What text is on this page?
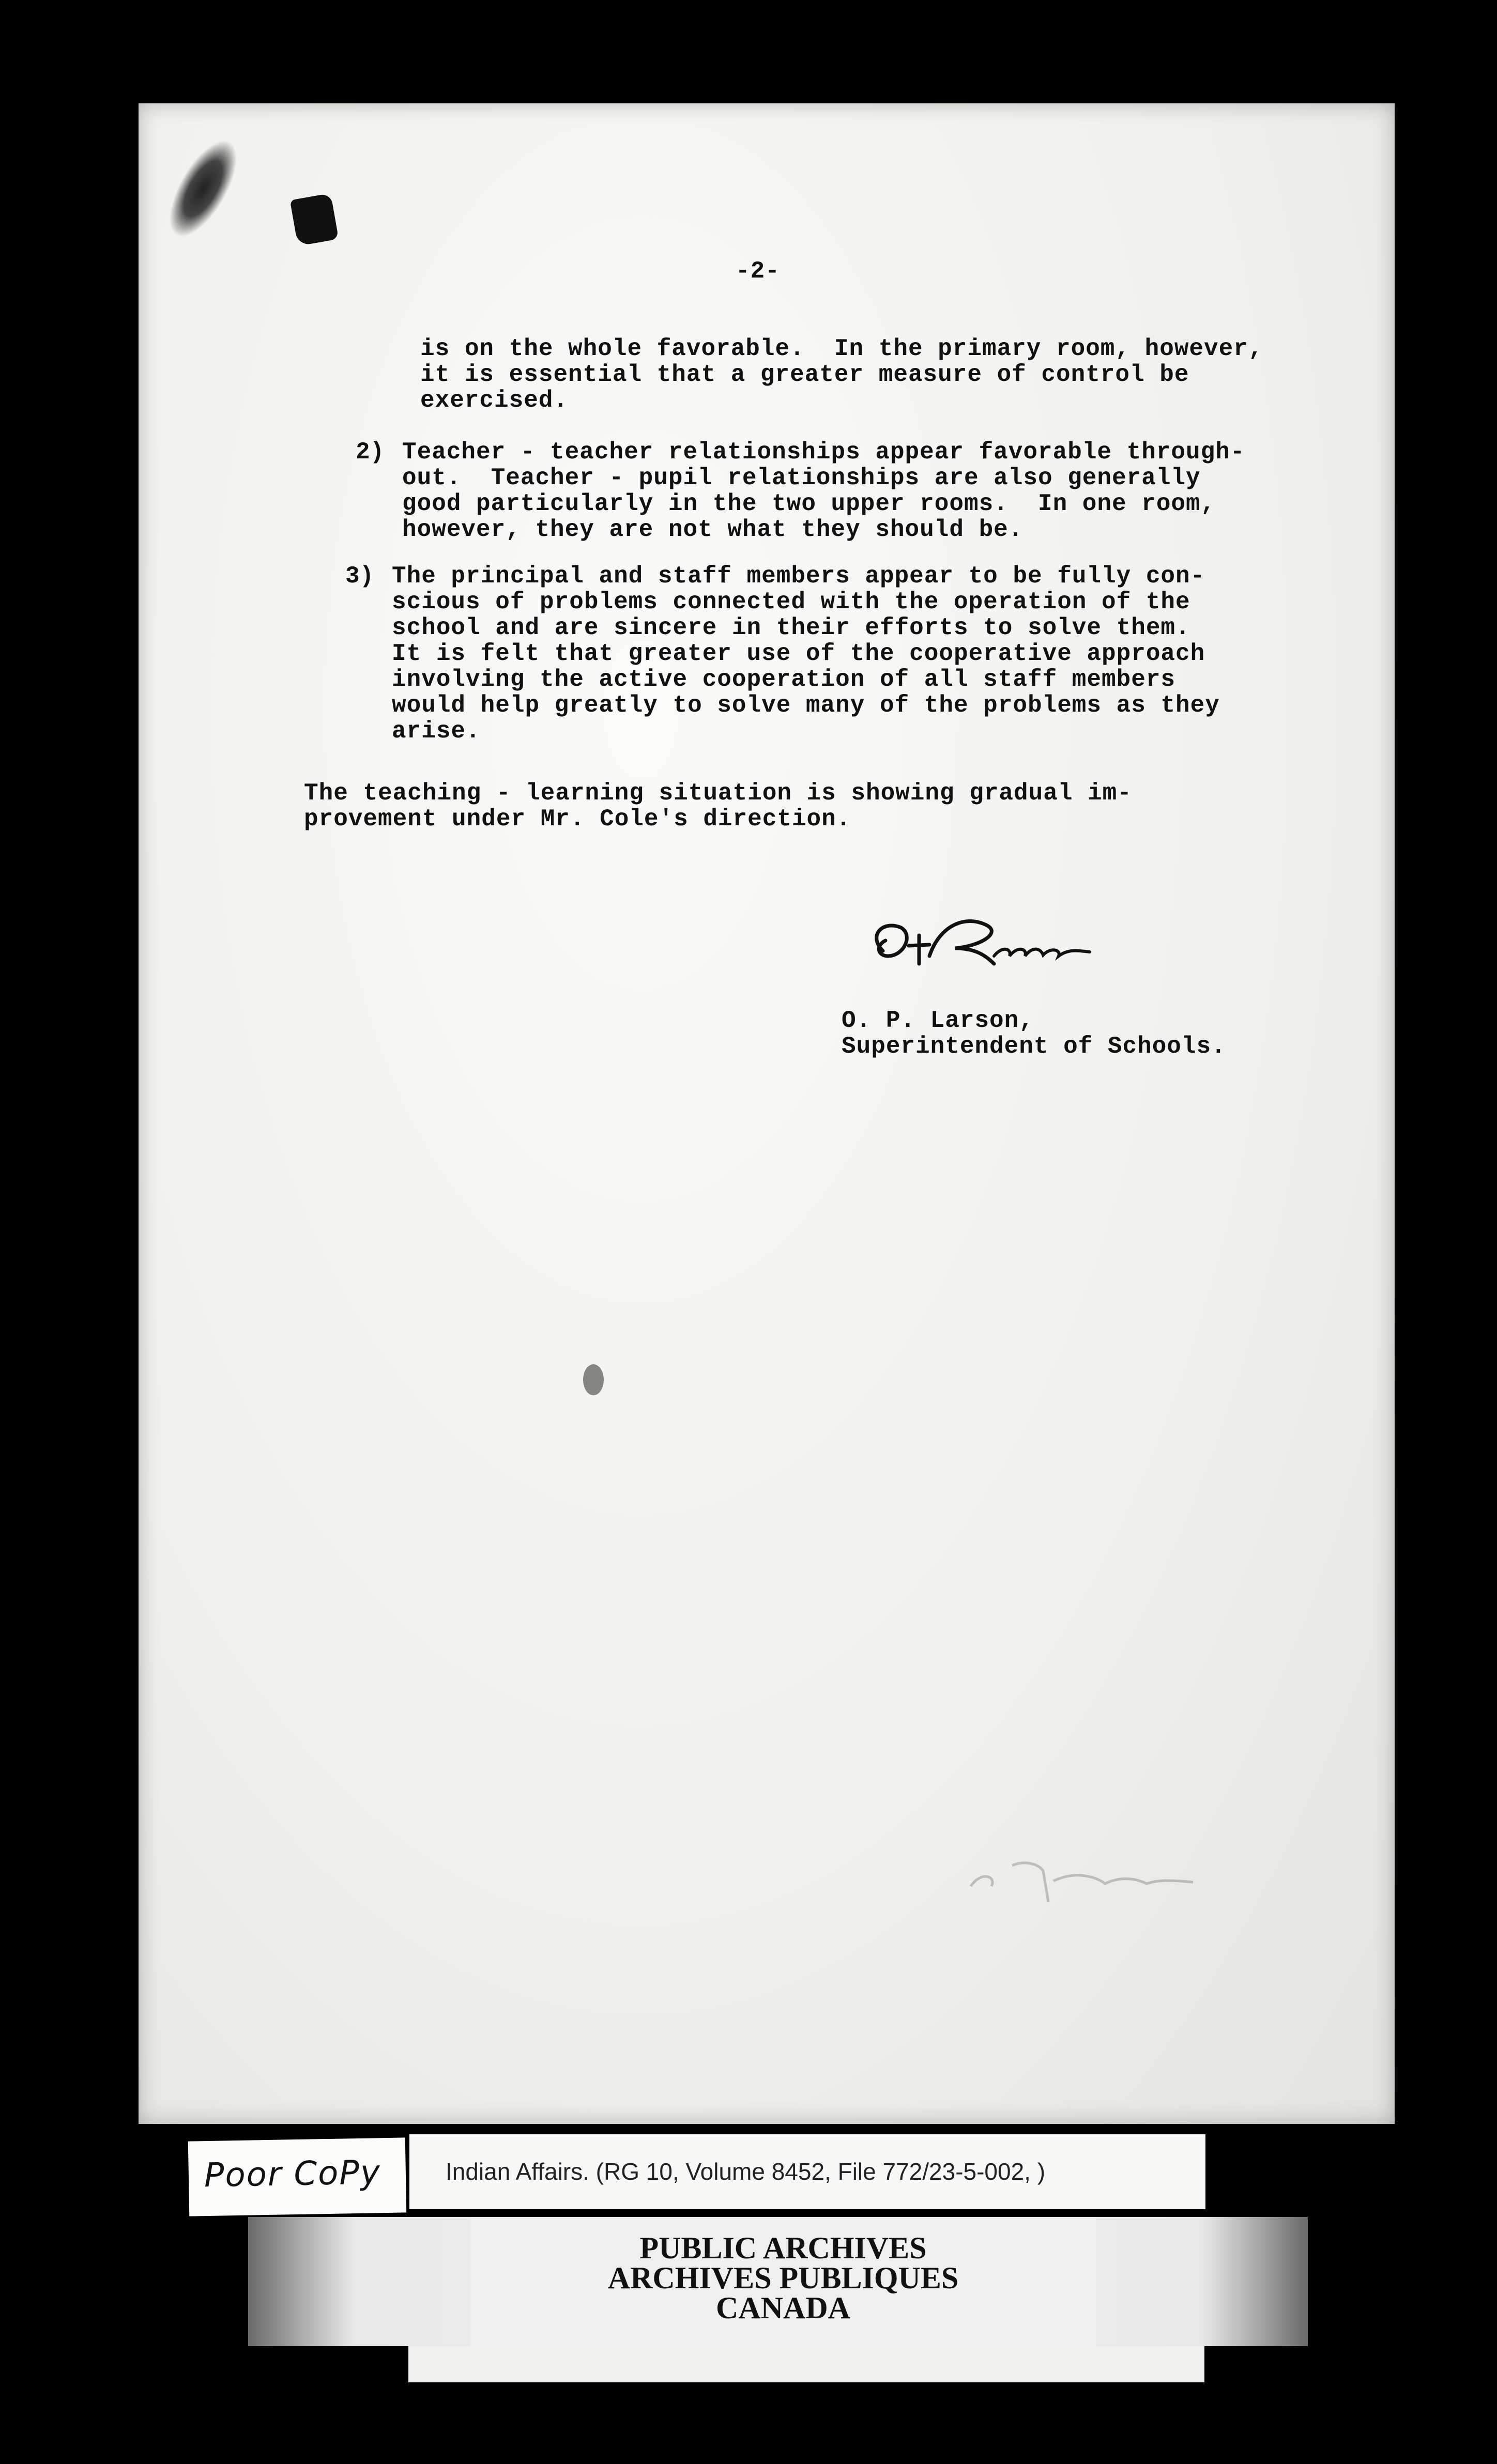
-2-
is on the whole favorable.  In the primary room, however,
it is essential that a greater measure of control be
exercised.
2) Teacher - teacher relationships appear favorable through-
out.  Teacher - pupil relationships are also generally
good particularly in the two upper rooms.  In one room,
however, they are not what they should be.
3) The principal and staff members appear to be fully con-
scious of problems connected with the operation of the
school and are sincere in their efforts to solve them.
It is felt that greater use of the cooperative approach
involving the active cooperation of all staff members
would help greatly to solve many of the problems as they
arise.
The teaching - learning situation is showing gradual im-
provement under Mr. Cole's direction.
O. P. Larson,
Superintendent of Schools.
Poor CoPy	Indian Affairs. (RG 10, Volume 8452, File 772/23-5-002, )
PUBLIC ARCHIVES
ARCHIVES PUBLIQUES
CANADA
